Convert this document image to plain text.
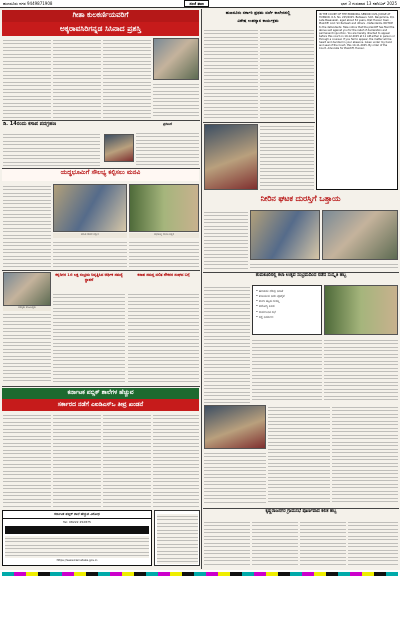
ಹುಣಸೂರು ನಗರ 9449871908	ಸಂಜೆ ತಾಣ	ಭಾಗ 3 ಗುರುವಾರ 13 ನವೆಂಬರ್ 2025
ಗೀತಾ ಕುಲಕರ್ಣಿಯವರಿಗೆ
ಅಕ್ಕರಾವಸಿರಿಗನ್ನಡ ಸಿಸಿನಾದ ಪ್ರಶಸ್ತಿ
ಡಿ. 14ರಂದು ಕಸಾಪ ಪದಗ್ರಹಣ	ಪ್ರಕಟಣೆ
ಯದ್ಧಭೂಮಿಗೆ ಸೌಲಭ್ಯ ಕಲ್ಪಿಸಲು ಮನವಿ
ಕಸಾಪ ಗೌರವ ಸನ್ಮಾನ	ಸಭೆಯಲ್ಲಿ ಮನವಿ ಸಲ್ಲಿಕೆ
ಸದಸ್ಯರು ಹಾಜರಿದ್ದರು
ಕನ್ನಡಿಗರ 16 ಲಕ್ಷ ಸಂಭ್ರಮ ನಿವೃತ್ತಿಸಿದ ಆರ್ಥಿಕ ಸಮಸ್ಯೆ ಸ್ಥಾಪನೆ
ಕಸಾಪ ಸಮಸ್ತ ದಲಿತ ನೌಕರರ ಸಂಘದ ಬಗ್ಗೆ
ಕರ್ನಾಟಕ ಪಬ್ಲಿಕ್ ಶಾಲೆಗಳ ಹೆಚ್ಚುವ
ಸರ್ಕಾರದ ನಡೆಗೆ ಎಐಡಿಎಸ್ಒ ತೀವ್ರ ಖಂಡನೆ
ಕರ್ನಾಟಕ ಪಬ್ಲಿಕ್ ಶಾಲೆ ಹೆಚ್ಚುವ ವಿರೋಧ
Tel: 08222 252875
https://www.karnataka.gov.in
ಹುಣಸೂರು ಸರ್ಕಾರಿ ಪ್ರಥಮ ದರ್ಜೆ ಕಾಲೇಜಿನಲ್ಲಿ
ವಿಶೇಷ ಉಪನ್ಯಾಸ ಕಾರ್ಯಕ್ರಮ
IN THE COURT OF THE PRINCIPAL SENIOR CIVIL JUDGE AT HUNSUR. O.S. No. 225/2025. Between: Smt. Nanjamma, D/o Late Basavaiah, aged about 54 years, R/at Hunsur town - Plaintiff. And: Sri Ramesh and others - Defendants. NOTICE to the defendants: Take notice that the plaintiff has filed the above suit against you for the relief of declaration and permanent injunction. You are hereby directed to appear before this court on 19-12-2025 at 11 AM either in person or through a counsel. If you fail to appear, the matter will be heard and decided in your absence. Given under my hand and seal of the Court, this 10-11-2025. By order of the Court. Advocate for Plaintiff, Hunsur.
ನೀರಿನ ಘಟಕ ದುರಸ್ತಿಗೆ ಒತ್ತಾಯ
ತುಮಕೂರಿನಲ್ಲಿ ಕಲಾ ಉತ್ಸವ ಸಂಭ್ರಮದಿಂದ ನಡೆದ ಸಂಸ್ಕೃತಿ ಹಬ್ಬ
• ಹಣಕಾಸು ನೆರವು ನೀಡಿಕೆ
• ಕುಡಿಯುವ ನೀರು ಪೂರೈಕೆ
• ಶಾಲಾ ಕಟ್ಟಡ ದುರಸ್ತಿ
• ಆರೋಗ್ಯ ಶಿಬಿರ
• ಸಾರ್ವಜನಿಕ ಸಭೆ
• ರಸ್ತೆ ನಿರ್ಮಾಣ
ಕೃಷ್ಣರಾಜನಗರ ಗ್ರಾಮಸಭೆ ಪೂರ್ಣವಾದ ಕಲಿತ ಹಬ್ಬ
